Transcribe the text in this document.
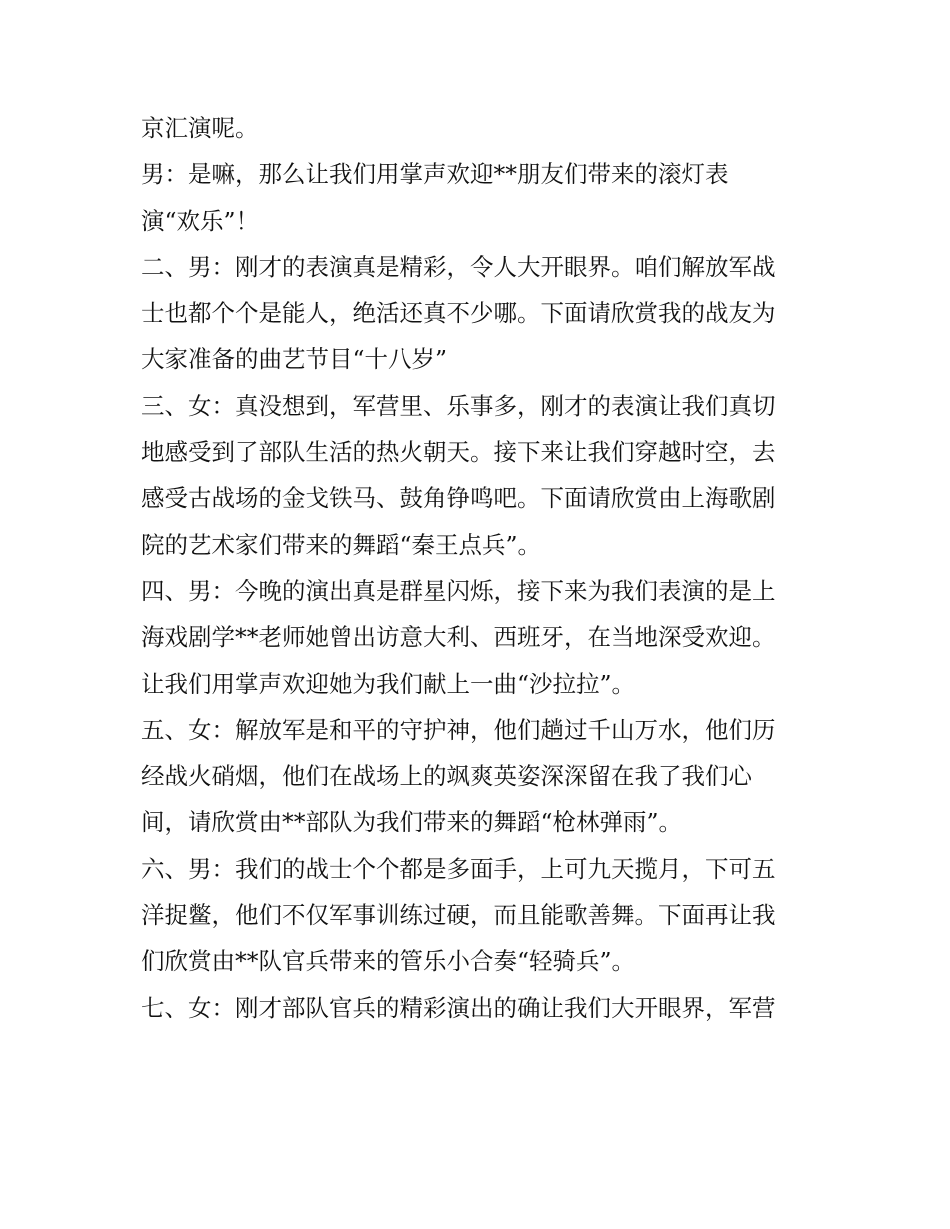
京汇演呢。
男：是嘛，那么让我们用掌声欢迎**朋友们带来的滚灯表
演“欢乐”！
二、男：刚才的表演真是精彩，令人大开眼界。咱们解放军战
士也都个个是能人，绝活还真不少哪。下面请欣赏我的战友为
大家准备的曲艺节目“十八岁”
三、女：真没想到，军营里、乐事多，刚才的表演让我们真切
地感受到了部队生活的热火朝天。接下来让我们穿越时空，去
感受古战场的金戈铁马、鼓角铮鸣吧。下面请欣赏由上海歌剧
院的艺术家们带来的舞蹈“秦王点兵”。
四、男：今晚的演出真是群星闪烁，接下来为我们表演的是上
海戏剧学**老师她曾出访意大利、西班牙，在当地深受欢迎。
让我们用掌声欢迎她为我们献上一曲“沙拉拉”。
五、女：解放军是和平的守护神，他们趟过千山万水，他们历
经战火硝烟，他们在战场上的飒爽英姿深深留在我了我们心
间，请欣赏由**部队为我们带来的舞蹈“枪林弹雨”。
六、男：我们的战士个个都是多面手，上可九天揽月，下可五
洋捉鳖，他们不仅军事训练过硬，而且能歌善舞。下面再让我
们欣赏由**队官兵带来的管乐小合奏“轻骑兵”。
七、女：刚才部队官兵的精彩演出的确让我们大开眼界，军营
